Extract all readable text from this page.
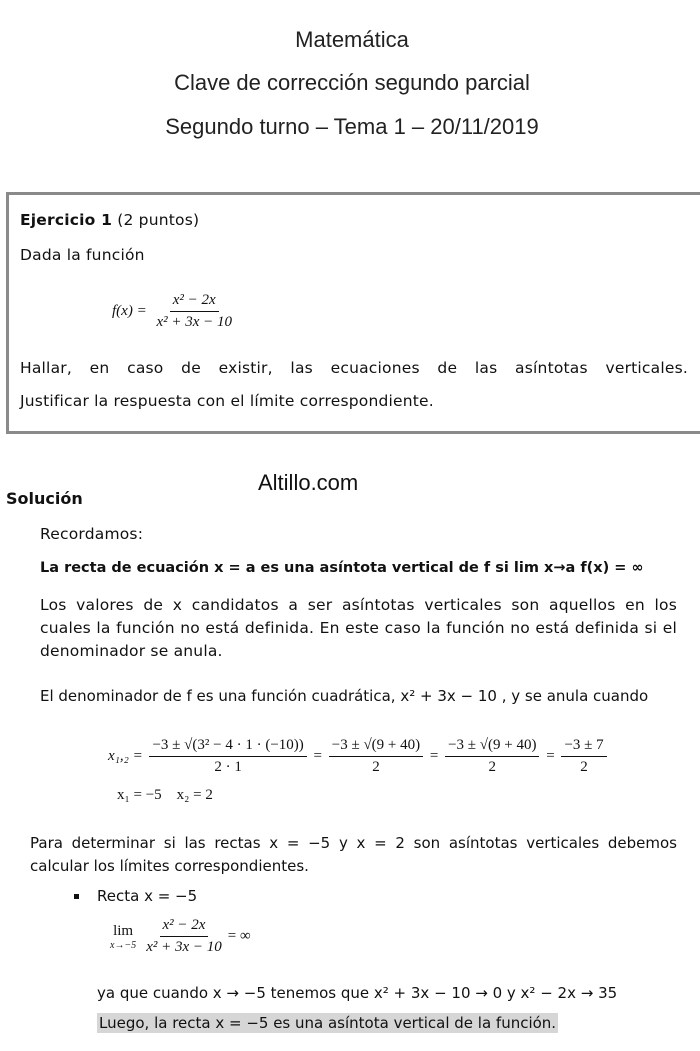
Matemática
Clave de corrección segundo parcial
Segundo turno – Tema 1 – 20/11/2019
Ejercicio 1 (2 puntos)
Dada la función
$f(x) = \frac{\text{x² − 2x}}{\text{x² + 3x − 10}}$
Hallar, en caso de existir, las ecuaciones de las asíntotas verticales.
Justificar la respuesta con el límite correspondiente.
Altillo.com
Solución
Recordamos:
La recta de ecuación x = a es una asíntota vertical de f si lim x→a f(x) = ∞
Los valores de x candidatos a ser asíntotas verticales son aquellos en los cuales la función no está definida. En este caso la función no está definida si el denominador se anula.
El denominador de f es una función cuadrática, x² + 3x − 10 , y se anula cuando
$x_1,_2 = \frac{\text{−3 ± √(3² − 4 · 1 · (−10))}}{2 \cdot 1} = \frac{-3 \pm √(9 + 40)}{2} = \frac{-3 \pm √(9 + 40)}{2} = \frac{-3 \pm 7}{2}$
x₁ = −5    x₂ = 2
Para determinar si las rectas x = −5 y x = 2 son asíntotas verticales debemos calcular los límites correspondientes.
Recta x = −5
lim
$x\to-5 \frac{\text{x² − 2x}}{\text{x² + 3x − 10}}$ = ∞
ya que cuando x → −5 tenemos que x² + 3x − 10 → 0 y x² − 2x → 35
Luego, la recta x = −5 es una asíntota vertical de la función.
